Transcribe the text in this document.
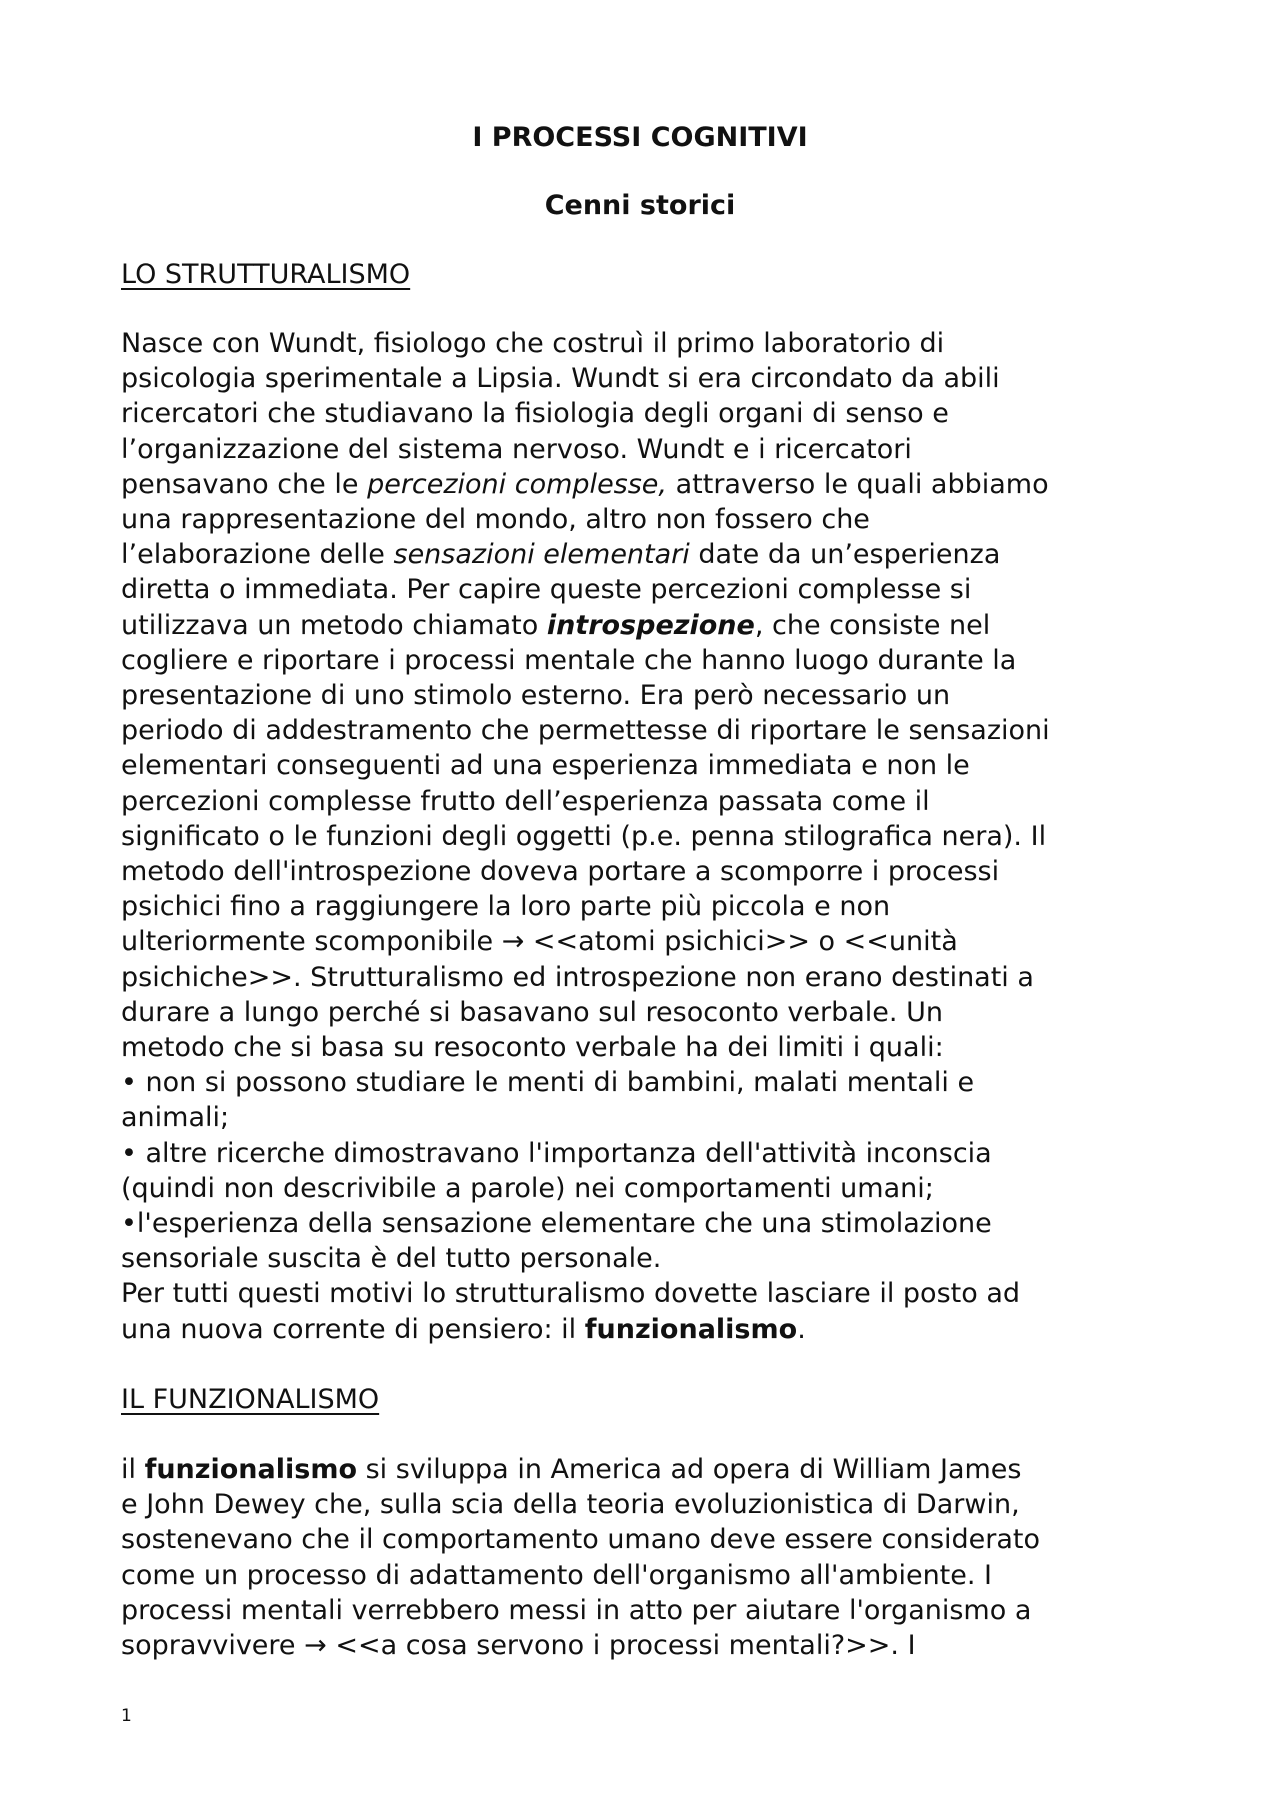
I PROCESSI COGNITIVI
Cenni storici
LO STRUTTURALISMO
Nasce con Wundt, fisiologo che costruì il primo laboratorio di
psicologia sperimentale a Lipsia. Wundt si era circondato da abili
ricercatori che studiavano la fisiologia degli organi di senso e
l’organizzazione del sistema nervoso. Wundt e i ricercatori
pensavano che le percezioni complesse, attraverso le quali abbiamo
una rappresentazione del mondo, altro non fossero che
l’elaborazione delle sensazioni elementari date da un’esperienza
diretta o immediata. Per capire queste percezioni complesse si
utilizzava un metodo chiamato introspezione, che consiste nel
cogliere e riportare i processi mentale che hanno luogo durante la
presentazione di uno stimolo esterno. Era però necessario un
periodo di addestramento che permettesse di riportare le sensazioni
elementari conseguenti ad una esperienza immediata e non le
percezioni complesse frutto dell’esperienza passata come il
significato o le funzioni degli oggetti (p.e. penna stilografica nera). Il
metodo dell'introspezione doveva portare a scomporre i processi
psichici fino a raggiungere la loro parte più piccola e non
ulteriormente scomponibile → <<atomi psichici>> o <<unità
psichiche>>. Strutturalismo ed introspezione non erano destinati a
durare a lungo perché si basavano sul resoconto verbale. Un
metodo che si basa su resoconto verbale ha dei limiti i quali:
• non si possono studiare le menti di bambini, malati mentali e
animali;
• altre ricerche dimostravano l'importanza dell'attività inconscia
(quindi non descrivibile a parole) nei comportamenti umani;
•l'esperienza della sensazione elementare che una stimolazione
sensoriale suscita è del tutto personale.
Per tutti questi motivi lo strutturalismo dovette lasciare il posto ad
una nuova corrente di pensiero: il funzionalismo.
IL FUNZIONALISMO
il funzionalismo si sviluppa in America ad opera di William James
e John Dewey che, sulla scia della teoria evoluzionistica di Darwin,
sostenevano che il comportamento umano deve essere considerato
come un processo di adattamento dell'organismo all'ambiente. I
processi mentali verrebbero messi in atto per aiutare l'organismo a
sopravvivere → <<a cosa servono i processi mentali?>>. I
1
